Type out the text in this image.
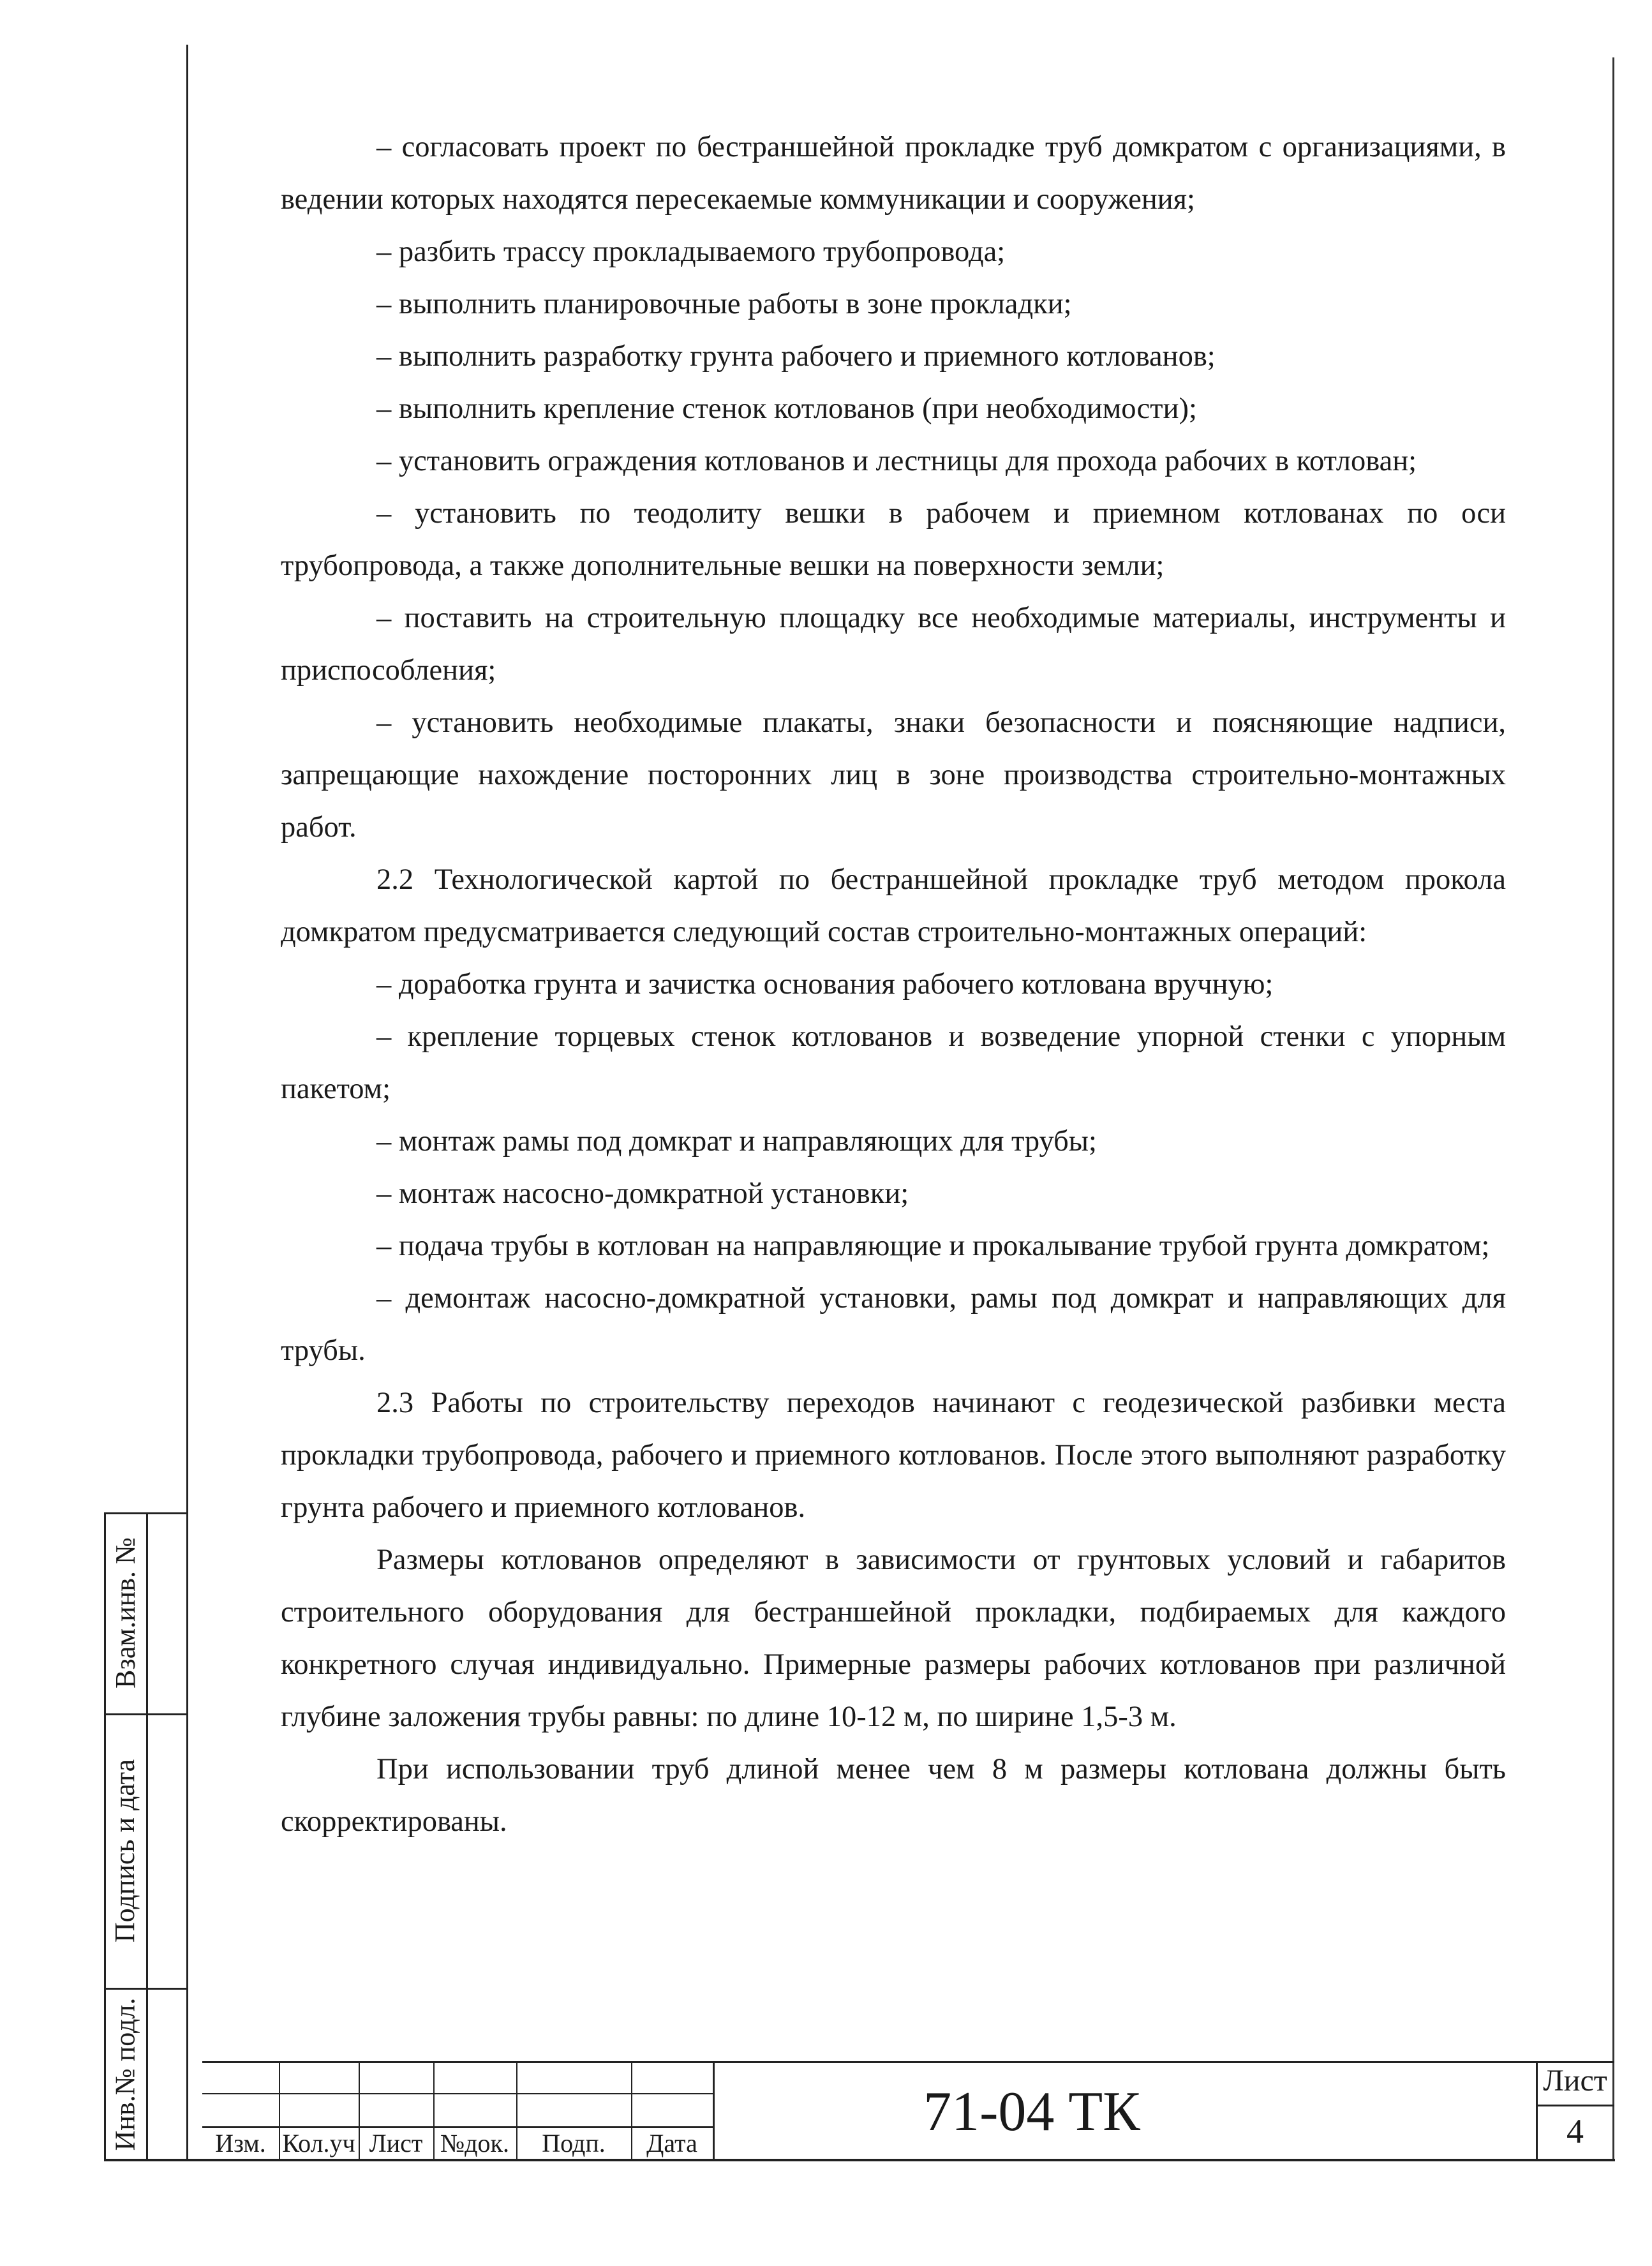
Взам.инв. №
Подпись и дата
Инв.№ подл.

– согласовать проект по бестраншейной прокладке труб домкратом с организациями, в ведении которых находятся пересекаемые коммуникации и сооружения;

– разбить трассу прокладываемого трубопровода;

– выполнить планировочные работы в зоне прокладки;

– выполнить разработку грунта рабочего и приемного котлованов;

– выполнить крепление стенок котлованов (при необходимости);

– установить ограждения котлованов и лестницы для прохода рабочих в котлован;

– установить по теодолиту вешки в рабочем и приемном котлованах по оси трубопровода, а также дополнительные вешки на поверхности земли;

– поставить на строительную площадку все необходимые материалы, инструменты и приспособления;

– установить необходимые плакаты, знаки безопасности и поясняющие надписи, запрещающие нахождение посторонних лиц в зоне производства строительно-монтажных работ.

2.2 Технологической картой по бестраншейной прокладке труб методом прокола домкратом предусматривается следующий состав строительно-монтажных операций:

– доработка грунта и зачистка основания рабочего котлована вручную;

– крепление торцевых стенок котлованов и возведение упорной стенки с упорным пакетом;

– монтаж рамы под домкрат и направляющих для трубы;

– монтаж насосно-домкратной установки;

– подача трубы в котлован на направляющие и прокалывание трубой грунта домкратом;

– демонтаж насосно-домкратной установки, рамы под домкрат и направляющих для трубы.

2.3 Работы по строительству переходов начинают с геодезической разбивки места прокладки трубопровода, рабочего и приемного котлованов. После этого выполняют разработку грунта рабочего и приемного котлованов.

Размеры котлованов определяют в зависимости от грунтовых условий и габаритов строительного оборудования для бестраншейной прокладки, подбираемых для каждого конкретного случая индивидуально. Примерные размеры рабочих котлованов при различной глубине заложения трубы равны: по длине 10-12 м, по ширине 1,5-3 м.

При использовании труб длиной менее чем 8 м размеры котлована должны быть скорректированы.

Изм. Кол.уч Лист №док.	Подп.	Дата
71-04 ТК
Лист
4
